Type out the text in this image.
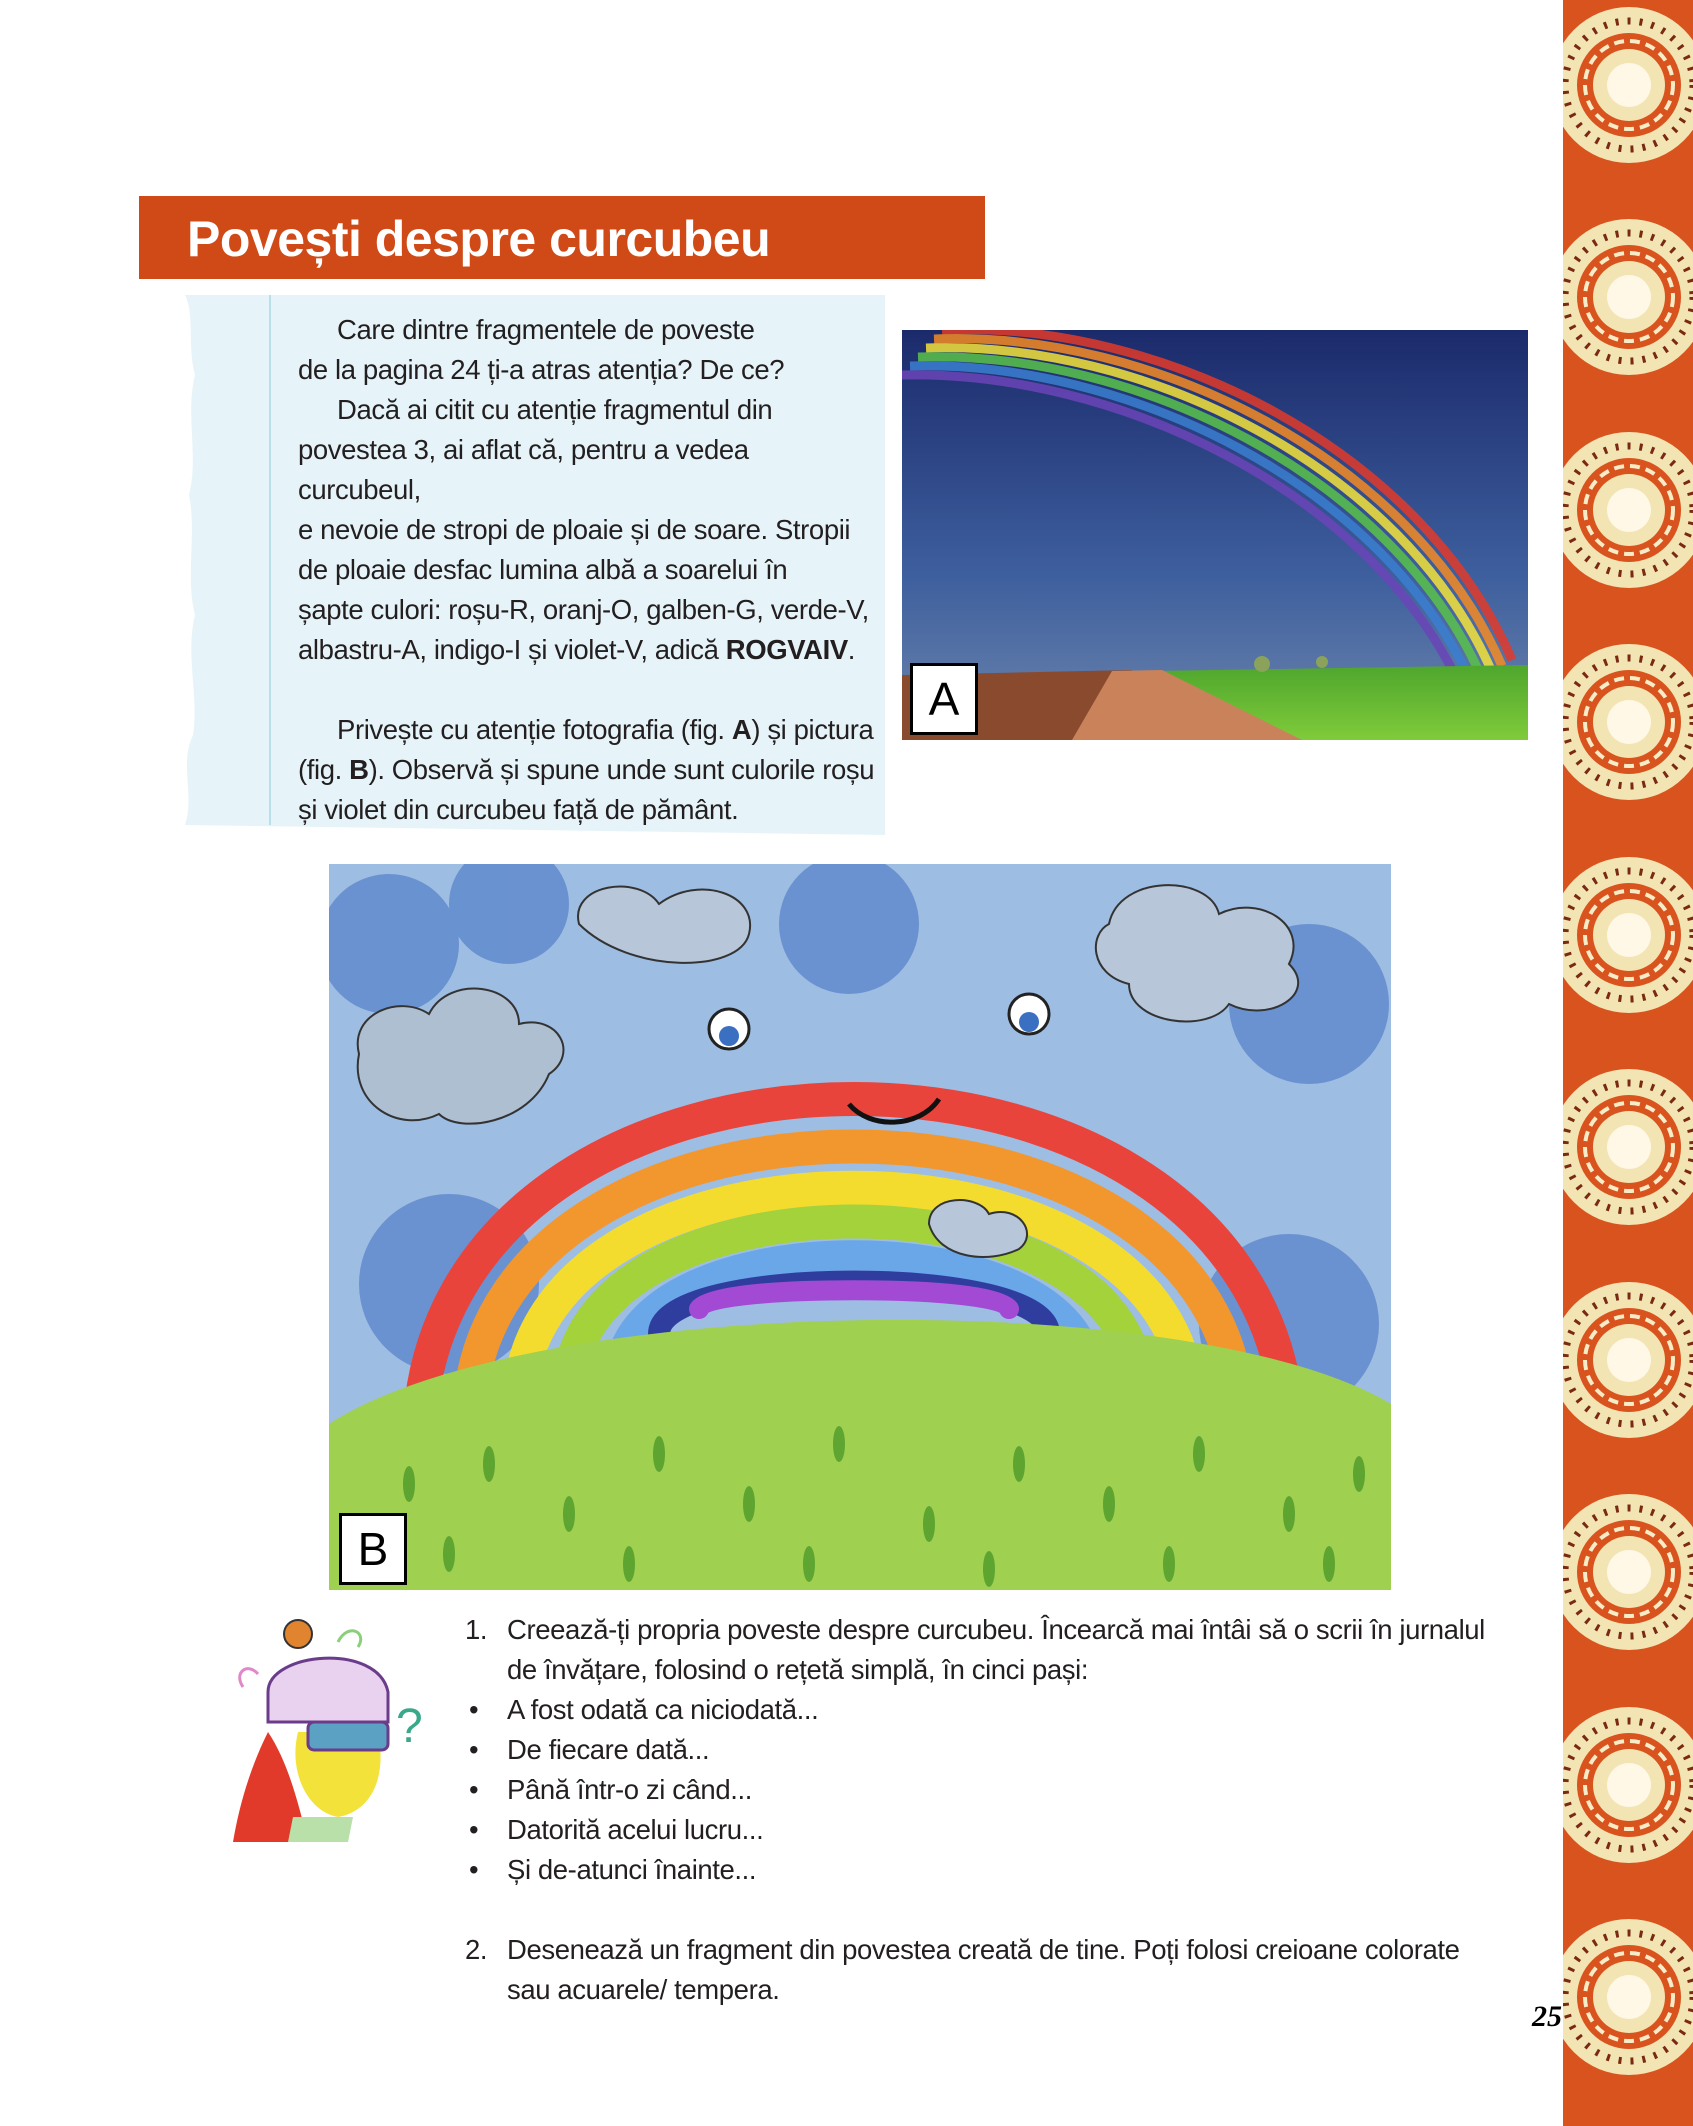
Povești despre curcubeu

Care dintre fragmentele de poveste

de la pagina 24 ți-a atras atenția? De ce?

Dacă ai citit cu atenție fragmentul din

povestea 3, ai aflat că, pentru a vedea curcubeul,

e nevoie de stropi de ploaie și de soare. Stropii

de ploaie desfac lumina albă a soarelui în

șapte culori: roșu-R, oranj-O, galben-G, verde-V,

albastru-A, indigo-I și violet-V, adică ROGVAIV.

Privește cu atenție fotografia (fig. A) și pictura

(fig. B). Observă și spune unde sunt culorile roșu

și violet din curcubeu față de pământ.

A
B
?
1. Creează-ți propria poveste despre curcubeu. Încearcă mai întâi să o scrii în jurnalul
de învățare, folosind o rețetă simplă, în cinci pași:
• A fost odată ca niciodată...
• De fiecare dată...
• Până într-o zi când...
• Datorită acelui lucru...
• Și de-atunci înainte...
2. Desenează un fragment din povestea creată de tine. Poți folosi creioane colorate
sau acuarele/ tempera.
25
